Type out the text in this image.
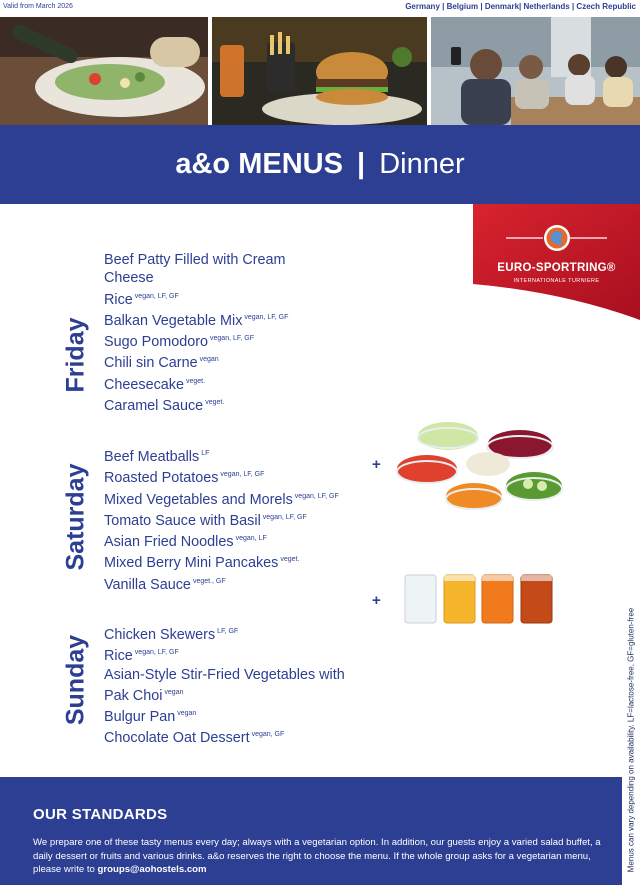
Valid from March 2026	Germany | Belgium | Denmark| Netherlands | Czech Republic
a&o MENUS | Dinner
EURO-SPORTRING®
INTERNATIONALE TURNIERE
Friday
Beef Patty Filled with Cream
Cheese
Rice $^{vegan, LF, GF}$
Balkan Vegetable Mix $^{vegan, LF, GF}$
Sugo Pomodoro $^{vegan, LF, GF}$
Chili sin Carne $^{vegan}$
Cheesecake $^{veget.}$
Caramel Sauce $^{veget.}$
Saturday
Beef Meatballs $^{LF}$
Roasted Potatoes $^{vegan, LF, GF}$
Mixed Vegetables and Morels $^{vegan, LF, GF}$
Tomato Sauce with Basil $^{vegan, LF, GF}$
Asian Fried Noodles $^{vegan, LF}$
Mixed Berry Mini Pancakes $^{veget.}$
Vanilla Sauce $^{veget., GF}$
Sunday Chicken Skewers $^{LF, GF}$
Rice $^{vegan, LF, GF}$
Asian-Style Stir-Fried Vegetables with
Pak Choi $^{vegan}$
Bulgur Pan $^{vegan}$
Chocolate Oat Dessert $^{vegan, GF}$
+
+
Menus can vary depending on availability. LF=lactose-free, GF=gluten-free
OUR STANDARDS
We prepare one of these tasty menus every day; always with a vegetarian option. In addition, our guests enjoy a varied salad buffet, a daily dessert or fruits and various drinks. a&o reserves the right to choose the menu. If the whole group asks for a vegetarian menu, please write to groups@aohostels.com
